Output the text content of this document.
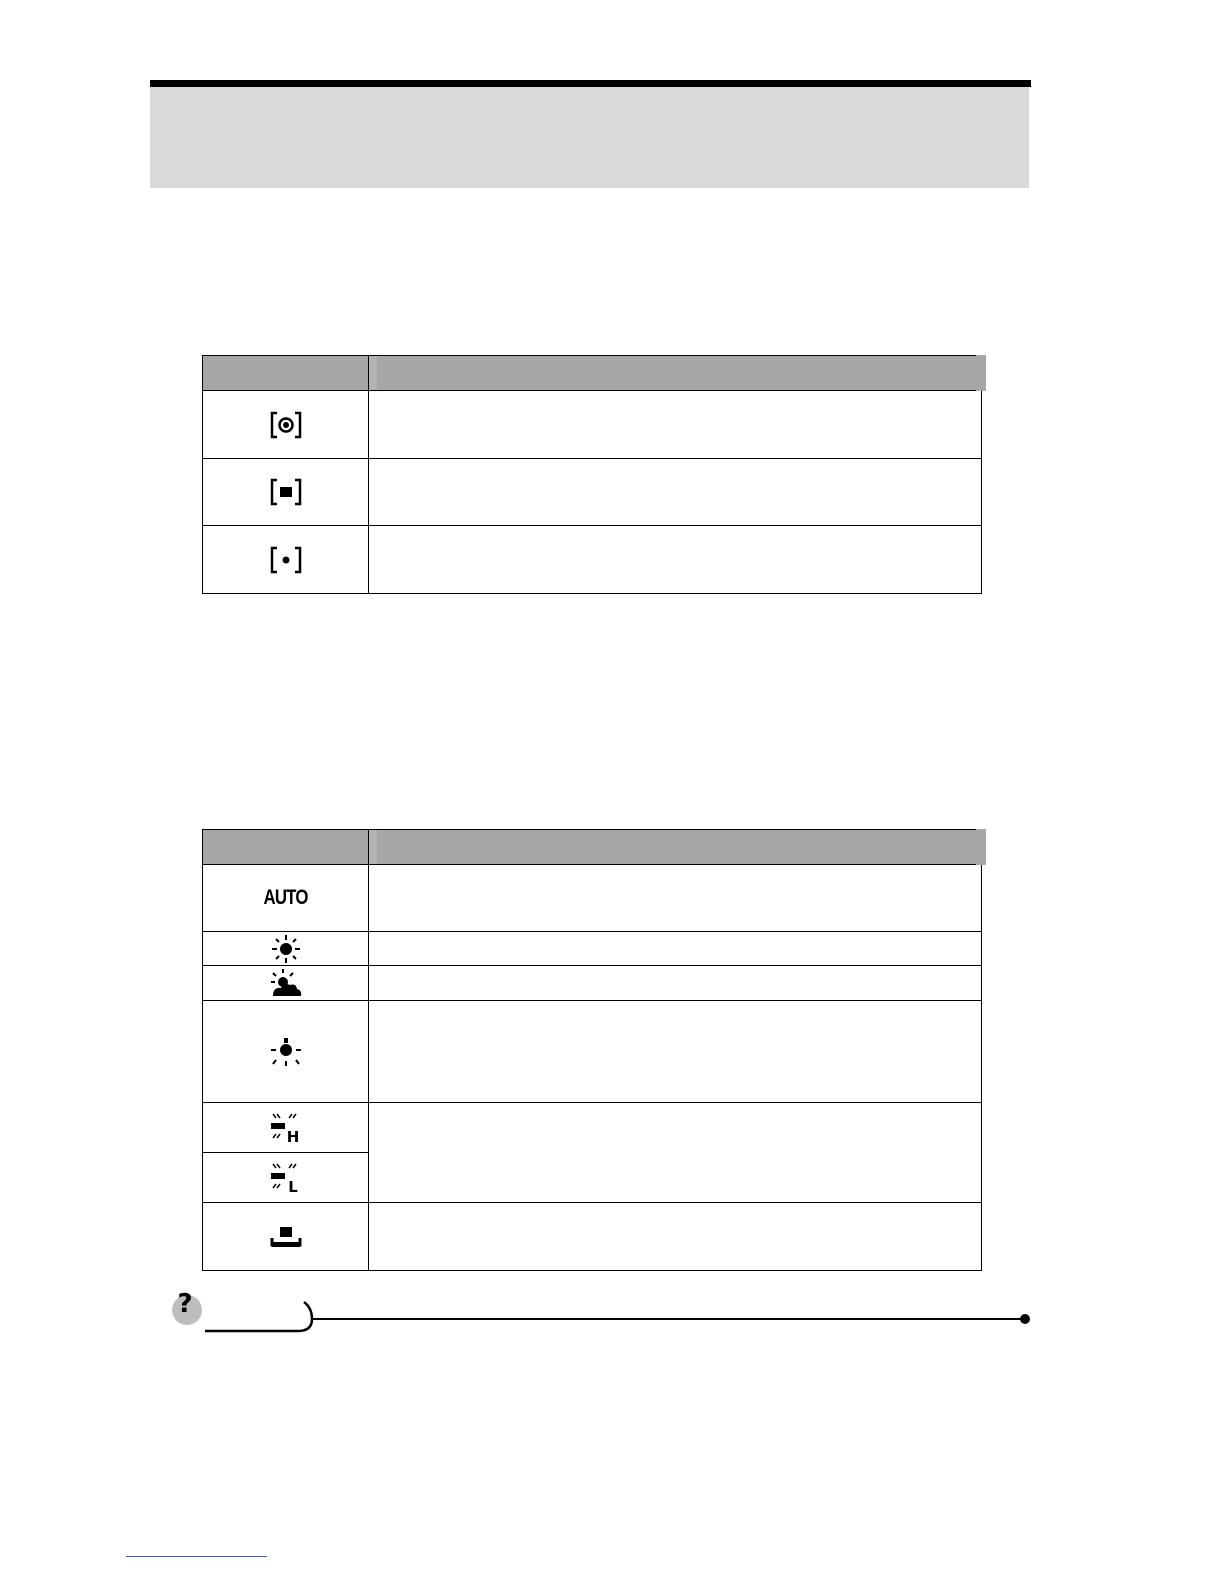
AUTO	

H	

L	

?
